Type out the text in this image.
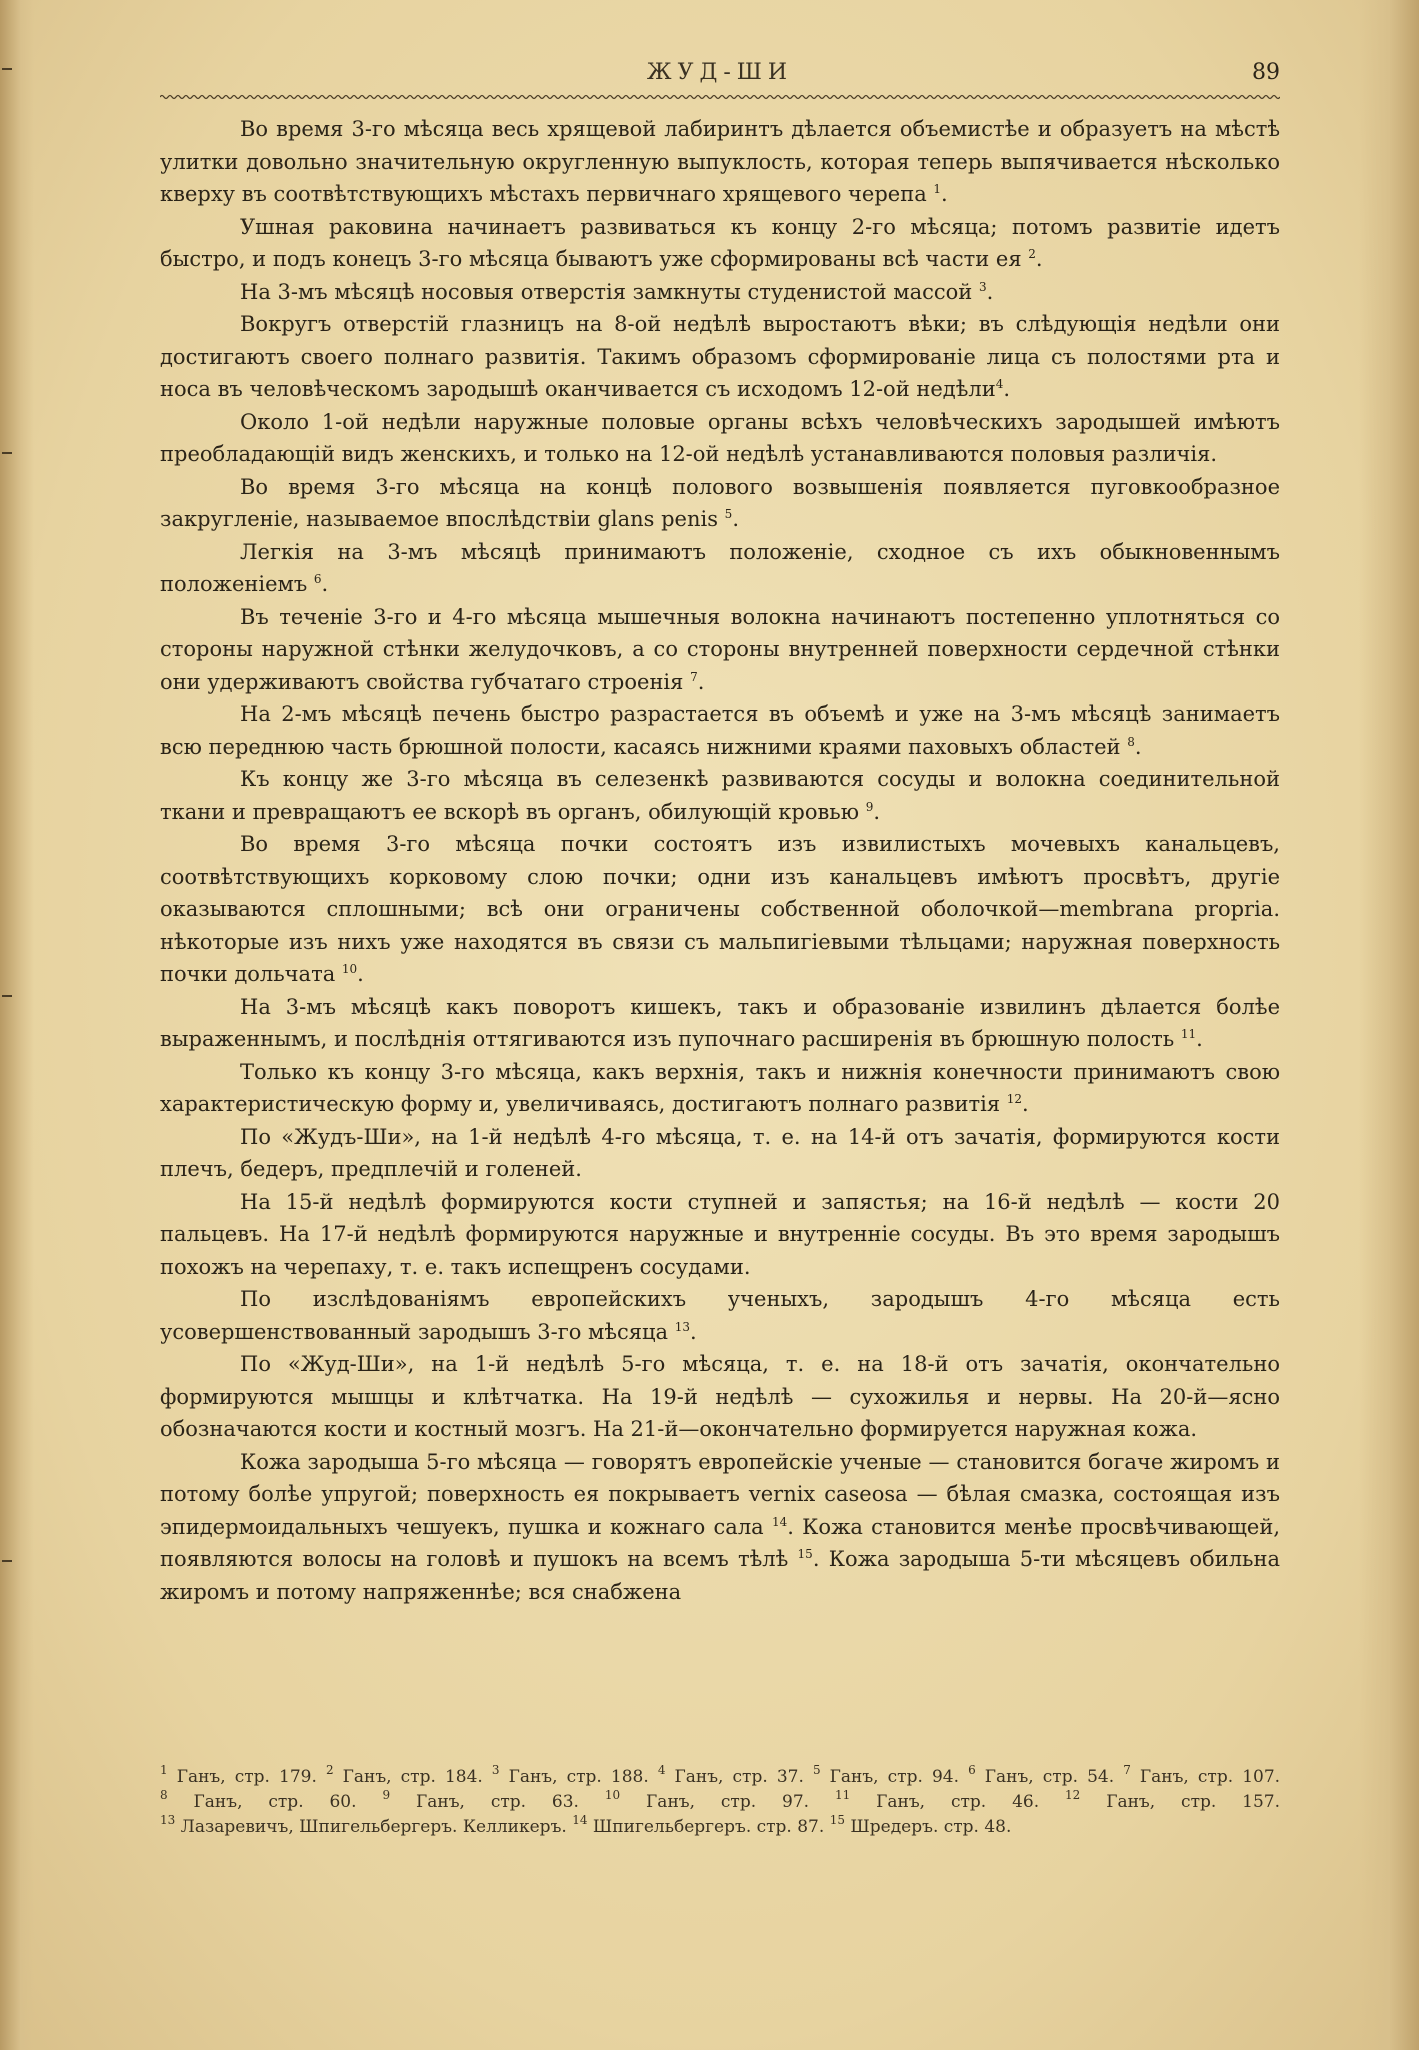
ЖУД-ШИ	89

Во время 3-го мѣсяца весь хрящевой лабиринтъ дѣлается объемистѣе и образуетъ на мѣстѣ улитки довольно значительную округленную выпуклость, которая теперь выпячивается нѣсколько кверху въ соотвѣтствующихъ мѣстахъ первичнаго хрящевого черепа $^1$.

Ушная раковина начинаетъ развиваться къ концу 2-го мѣсяца; потомъ развитіе идетъ быстро, и подъ конецъ 3-го мѣсяца бываютъ уже сформированы всѣ части ея $^2$.

На 3-мъ мѣсяцѣ носовыя отверстія замкнуты студенистой массой $^3$.

Вокругъ отверстій глазницъ на 8-ой недѣлѣ выростаютъ вѣки; въ слѣдующія недѣли они достигаютъ своего полнаго развитія. Такимъ образомъ сформированіе лица съ полостями рта и носа въ человѣческомъ зародышѣ оканчивается съ исходомъ 12-ой недѣли$^4$.

Около 1-ой недѣли наружные половые органы всѣхъ человѣческихъ зародышей имѣютъ преобладающій видъ женскихъ, и только на 12-ой недѣлѣ устанавливаются половыя различія.

Во время 3-го мѣсяца на концѣ полового возвышенія появляется пуговкообразное закругленіе, называемое впослѣдствіи glans penis $^5$.

Легкія на 3-мъ мѣсяцѣ принимаютъ положеніе, сходное съ ихъ обыкновеннымъ положеніемъ $^6$.

Въ теченіе 3-го и 4-го мѣсяца мышечныя волокна начинаютъ постепенно уплотняться со стороны наружной стѣнки желудочковъ, а со стороны внутренней поверхности сердечной стѣнки они удерживаютъ свойства губчатаго строенія $^7$.

На 2-мъ мѣсяцѣ печень быстро разрастается въ объемѣ и уже на 3-мъ мѣсяцѣ занимаетъ всю переднюю часть брюшной полости, касаясь нижними краями паховыхъ областей $^8$.

Къ концу же 3-го мѣсяца въ селезенкѣ развиваются сосуды и волокна соединительной ткани и превращаютъ ее вскорѣ въ органъ, обилующій кровью $^9$.

Во время 3-го мѣсяца почки состоятъ изъ извилистыхъ мочевыхъ канальцевъ, соотвѣтствующихъ корковому слою почки; одни изъ канальцевъ имѣютъ просвѣтъ, другіе оказываются сплошными; всѣ они ограничены собственной оболочкой—membrana propria. нѣкоторые изъ нихъ уже находятся въ связи съ мальпигіевыми тѣльцами; наружная поверхность почки дольчата $^{10}$.

На 3-мъ мѣсяцѣ какъ поворотъ кишекъ, такъ и образованіе извилинъ дѣлается болѣе выраженнымъ, и послѣднія оттягиваются изъ пупочнаго расширенія въ брюшную полость $^{11}$.

Только къ концу 3-го мѣсяца, какъ верхнія, такъ и нижнія конечности принимаютъ свою характеристическую форму и, увеличиваясь, достигаютъ полнаго развитія $^{12}$.

По «Жудъ-Ши», на 1-й недѣлѣ 4-го мѣсяца, т. е. на 14-й отъ зачатія, формируются кости плечъ, бедеръ, предплечій и голеней.

На 15-й недѣлѣ формируются кости ступней и запястья; на 16-й недѣлѣ — кости 20 пальцевъ. На 17-й недѣлѣ формируются наружные и внутренніе сосуды. Въ это время зародышъ похожъ на черепаху, т. е. такъ испещренъ сосудами.

По изслѣдованіямъ европейскихъ ученыхъ, зародышъ 4-го мѣсяца есть усовершенствованный зародышъ 3-го мѣсяца $^{13}$.

По «Жуд-Ши», на 1-й недѣлѣ 5-го мѣсяца, т. е. на 18-й отъ зачатія, окончательно формируются мышцы и клѣтчатка. На 19-й недѣлѣ — сухожилья и нервы. На 20-й—ясно обозначаются кости и костный мозгъ. На 21-й—окончательно формируется наружная кожа.

Кожа зародыша 5-го мѣсяца — говорятъ европейскіе ученые — становится богаче жиромъ и потому болѣе упругой; поверхность ея покрываетъ vernix caseosa — бѣлая смазка, состоящая изъ эпидермоидальныхъ чешуекъ, пушка и кожнаго сала $^{14}$. Кожа становится менѣе просвѣчивающей, появляются волосы на головѣ и пушокъ на всемъ тѣлѣ $^{15}$. Кожа зародыша 5-ти мѣсяцевъ обильна жиромъ и потому напряженнѣе; вся снабжена

$^1$ Ганъ, стр. 179. $^2$ Ганъ, стр. 184. $^3$ Ганъ, стр. 188. $^4$ Ганъ, стр. 37. $^5$ Ганъ, стр. 94. $^6$ Ганъ, стр. 54. $^7$ Ганъ, стр. 107. $^8$ Ганъ, стр. 60. $^9$ Ганъ, стр. 63. $^{10}$ Ганъ, стр. 97. $^{11}$ Ганъ, стр. 46. $^{12}$ Ганъ, стр. 157. $^{13}$ Лазаревичъ, Шпигельбергеръ. Келликеръ. $^{14}$ Шпигельбергеръ. стр. 87. $^{15}$ Шредеръ. стр. 48.
